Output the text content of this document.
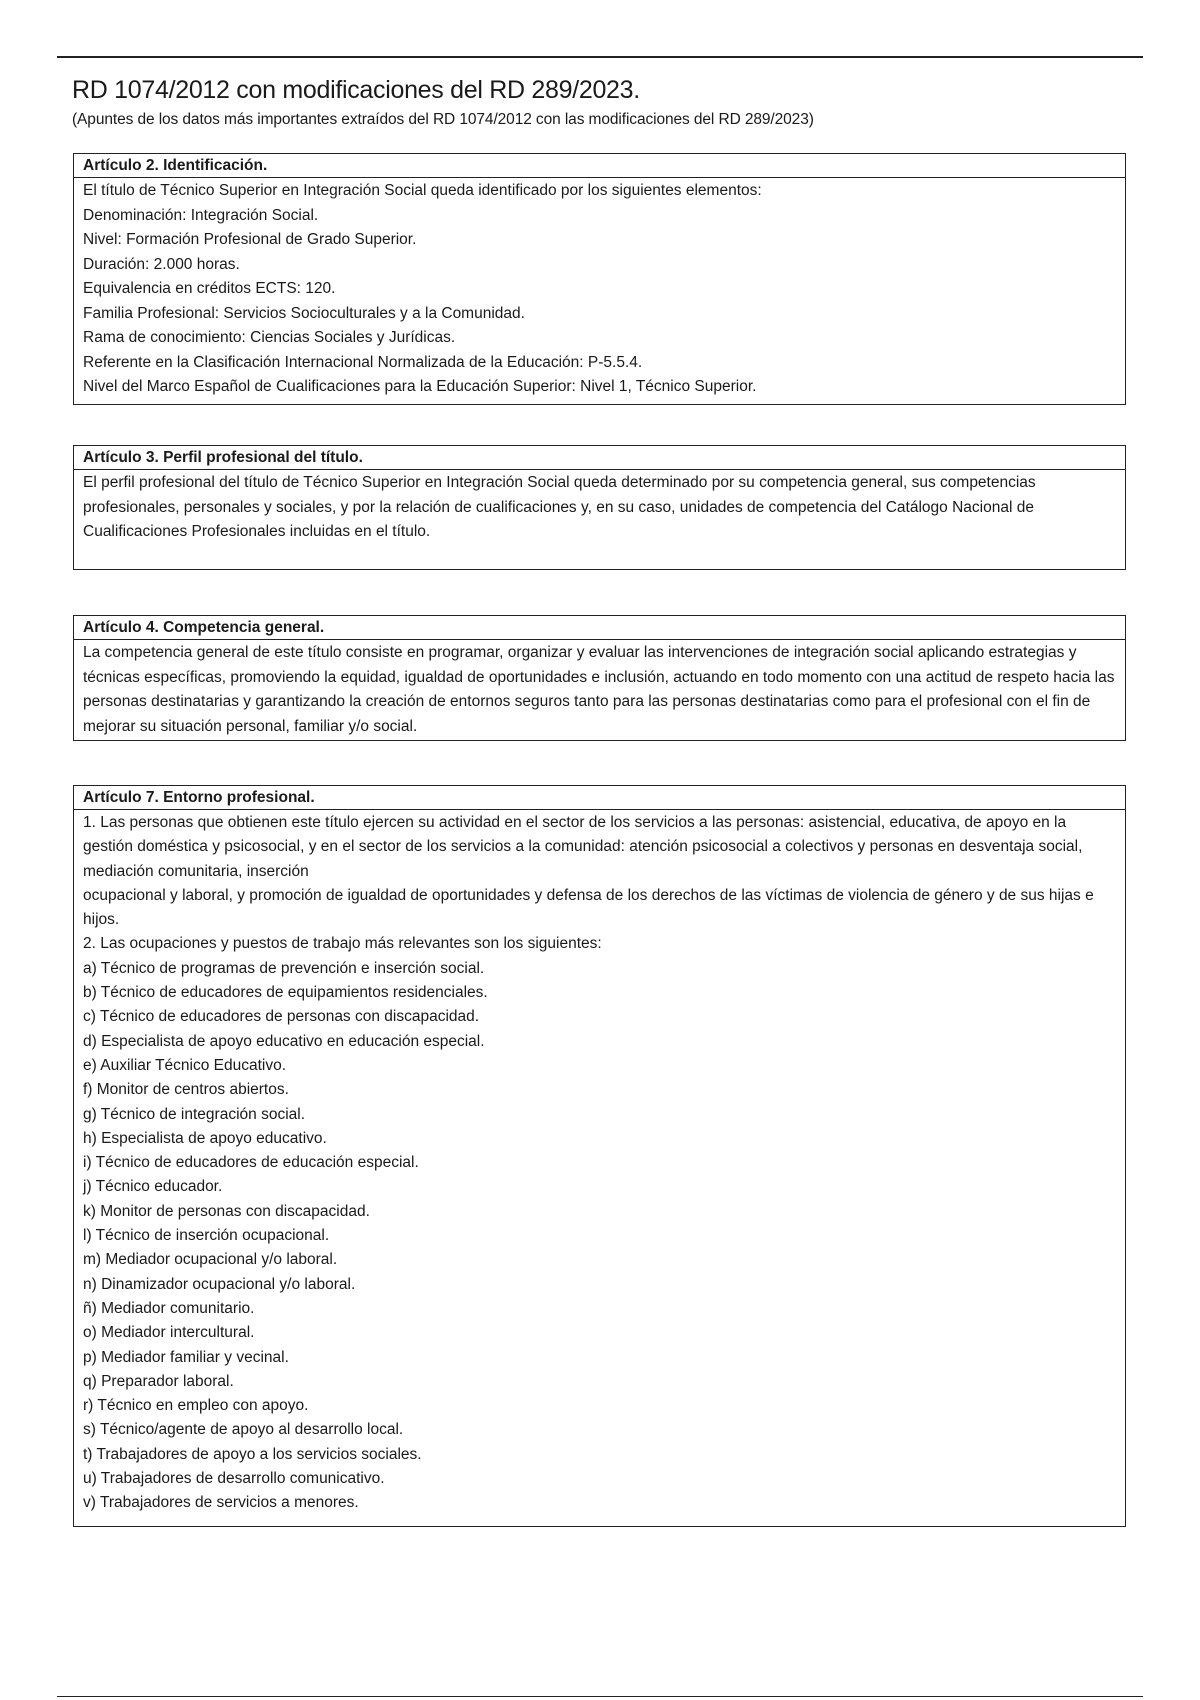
RD 1074/2012 con modificaciones del RD 289/2023.

(Apuntes de los datos más importantes extraídos del RD 1074/2012 con las modificaciones del RD 289/2023)

Artículo 2. Identificación.
El título de Técnico Superior en Integración Social queda identificado por los siguientes elementos:
Denominación: Integración Social.
Nivel: Formación Profesional de Grado Superior.
Duración: 2.000 horas.
Equivalencia en créditos ECTS: 120.
Familia Profesional: Servicios Socioculturales y a la Comunidad.
Rama de conocimiento: Ciencias Sociales y Jurídicas.
Referente en la Clasificación Internacional Normalizada de la Educación: P-5.5.4.
Nivel del Marco Español de Cualificaciones para la Educación Superior: Nivel 1, Técnico Superior.
Artículo 3. Perfil profesional del título.

El perfil profesional del título de Técnico Superior en Integración Social queda determinado por su competencia general, sus competencias profesionales, personales y sociales, y por la relación de cualificaciones y, en su caso, unidades de competencia del Catálogo Nacional de Cualificaciones Profesionales incluidas en el título.

Artículo 4. Competencia general.

La competencia general de este título consiste en programar, organizar y evaluar las intervenciones de integración social aplicando estrategias y técnicas específicas, promoviendo la equidad, igualdad de oportunidades e inclusión, actuando en todo momento con una actitud de respeto hacia las personas destinatarias y garantizando la creación de entornos seguros tanto para las personas destinatarias como para el profesional con el fin de mejorar su situación personal, familiar y/o social.

Artículo 7. Entorno profesional.

1. Las personas que obtienen este título ejercen su actividad en el sector de los servicios a las personas: asistencial, educativa, de apoyo en la gestión doméstica y psicosocial, y en el sector de los servicios a la comunidad: atención psicosocial a colectivos y personas en desventaja social, mediación comunitaria, inserción

ocupacional y laboral, y promoción de igualdad de oportunidades y defensa de los derechos de las víctimas de violencia de género y de sus hijas e hijos.

2. Las ocupaciones y puestos de trabajo más relevantes son los siguientes:
a) Técnico de programas de prevención e inserción social.
b) Técnico de educadores de equipamientos residenciales.
c) Técnico de educadores de personas con discapacidad.
d) Especialista de apoyo educativo en educación especial.
e) Auxiliar Técnico Educativo.
f) Monitor de centros abiertos.
g) Técnico de integración social.
h) Especialista de apoyo educativo.
i) Técnico de educadores de educación especial.
j) Técnico educador.
k) Monitor de personas con discapacidad.
l) Técnico de inserción ocupacional.
m) Mediador ocupacional y/o laboral.
n) Dinamizador ocupacional y/o laboral.
ñ) Mediador comunitario.
o) Mediador intercultural.
p) Mediador familiar y vecinal.
q) Preparador laboral.
r) Técnico en empleo con apoyo.
s) Técnico/agente de apoyo al desarrollo local.
t) Trabajadores de apoyo a los servicios sociales.
u) Trabajadores de desarrollo comunicativo.
v) Trabajadores de servicios a menores.
